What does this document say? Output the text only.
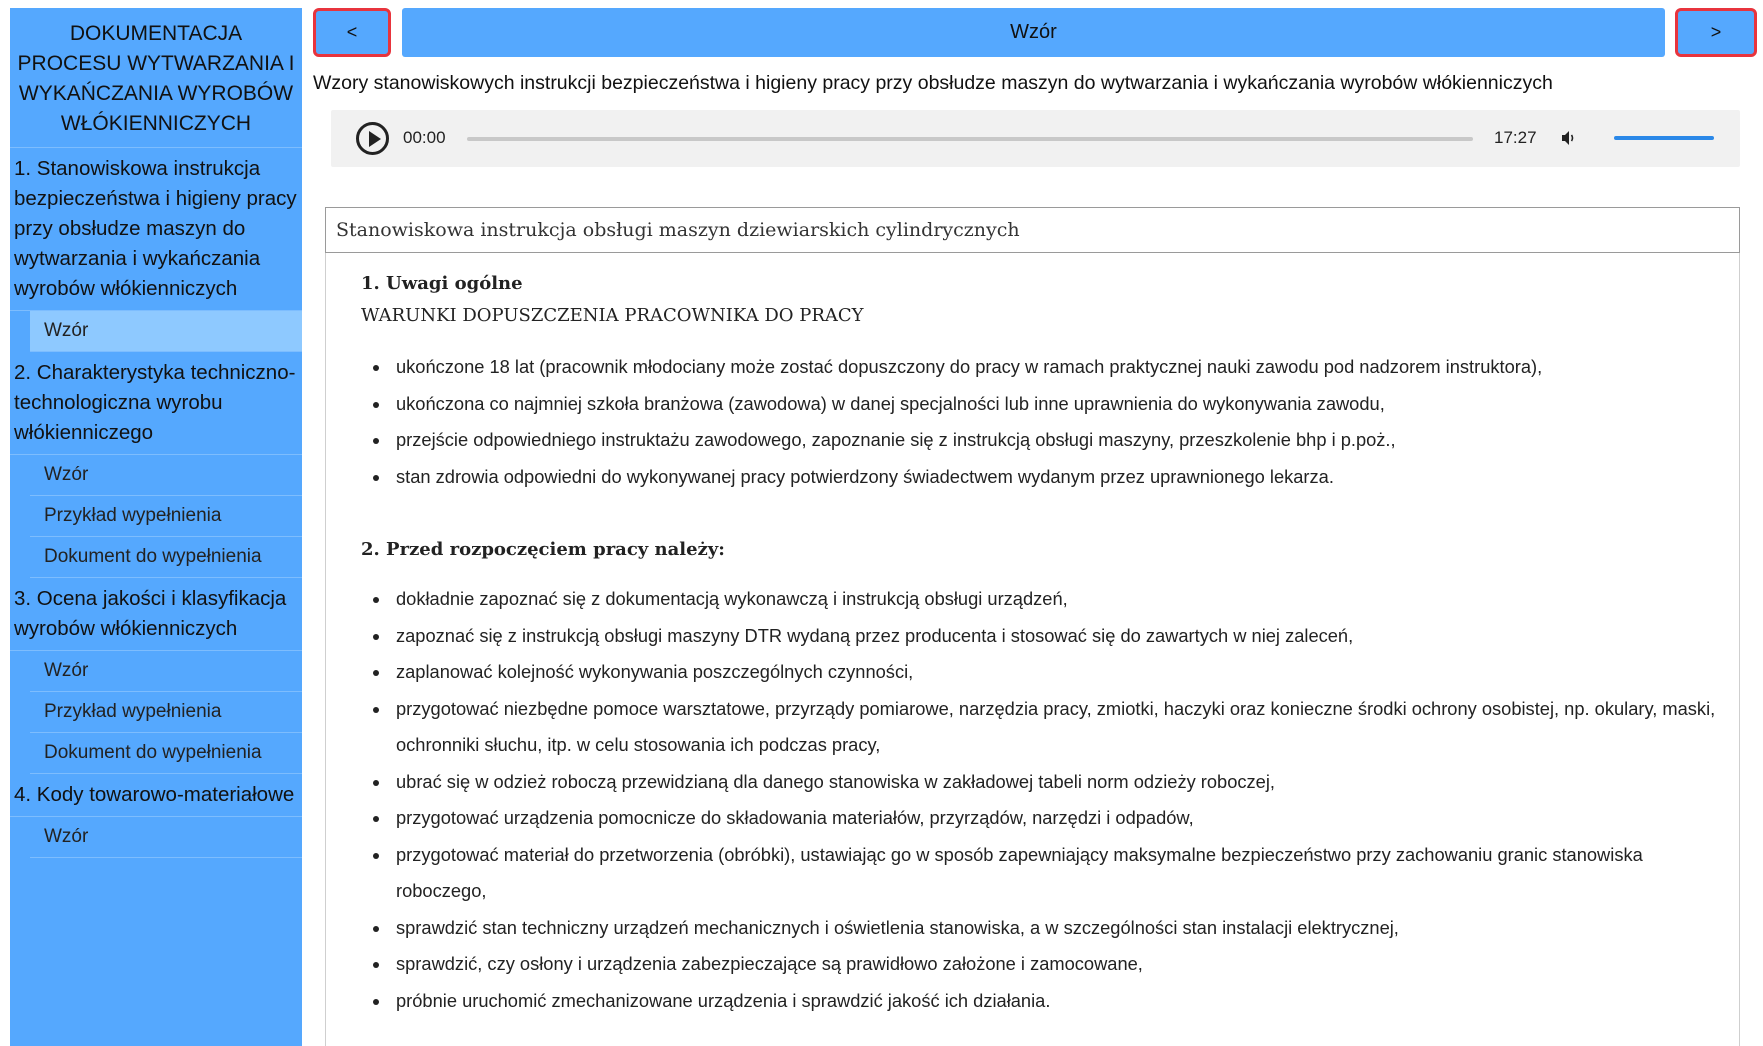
DOKUMENTACJA PROCESU WYTWARZANIA I WYKAŃCZANIA WYROBÓW WŁÓKIENNICZYCH
1. Stanowiskowa instrukcja bezpieczeństwa i higieny pracy przy obsłudze maszyn do wytwarzania i wykańczania wyrobów włókienniczych
Wzór
2. Charakterystyka techniczno-technologiczna wyrobu włókienniczego
Wzór
Przykład wypełnienia
Dokument do wypełnienia
3. Ocena jakości i klasyfikacja wyrobów włókienniczych
Wzór
Przykład wypełnienia
Dokument do wypełnienia
4. Kody towarowo-materiałowe
Wzór
<	Wzór	>
Wzory stanowiskowych instrukcji bezpieczeństwa i higieny pracy przy obsłudze maszyn do wytwarzania i wykańczania wyrobów włókienniczych
00:00	17:27
Stanowiskowa instrukcja obsługi maszyn dziewiarskich cylindrycznych
1. Uwagi ogólne
WARUNKI DOPUSZCZENIA PRACOWNIKA DO PRACY
ukończone 18 lat (pracownik młodociany może zostać dopuszczony do pracy w ramach praktycznej nauki zawodu pod nadzorem instruktora),
ukończona co najmniej szkoła branżowa (zawodowa) w danej specjalności lub inne uprawnienia do wykonywania zawodu,
przejście odpowiedniego instruktażu zawodowego, zapoznanie się z instrukcją obsługi maszyny, przeszkolenie bhp i p.poż.,
stan zdrowia odpowiedni do wykonywanej pracy potwierdzony świadectwem wydanym przez uprawnionego lekarza.
2. Przed rozpoczęciem pracy należy:
dokładnie zapoznać się z dokumentacją wykonawczą i instrukcją obsługi urządzeń,
zapoznać się z instrukcją obsługi maszyny DTR wydaną przez producenta i stosować się do zawartych w niej zaleceń,
zaplanować kolejność wykonywania poszczególnych czynności,
przygotować niezbędne pomoce warsztatowe, przyrządy pomiarowe, narzędzia pracy, zmiotki, haczyki oraz konieczne środki ochrony osobistej, np. okulary, maski, ochronniki słuchu, itp. w celu stosowania ich podczas pracy,
ubrać się w odzież roboczą przewidzianą dla danego stanowiska w zakładowej tabeli norm odzieży roboczej,
przygotować urządzenia pomocnicze do składowania materiałów, przyrządów, narzędzi i odpadów,
przygotować materiał do przetworzenia (obróbki), ustawiając go w sposób zapewniający maksymalne bezpieczeństwo przy zachowaniu granic stanowiska roboczego,
sprawdzić stan techniczny urządzeń mechanicznych i oświetlenia stanowiska, a w szczególności stan instalacji elektrycznej,
sprawdzić, czy osłony i urządzenia zabezpieczające są prawidłowo założone i zamocowane,
próbnie uruchomić zmechanizowane urządzenia i sprawdzić jakość ich działania.
